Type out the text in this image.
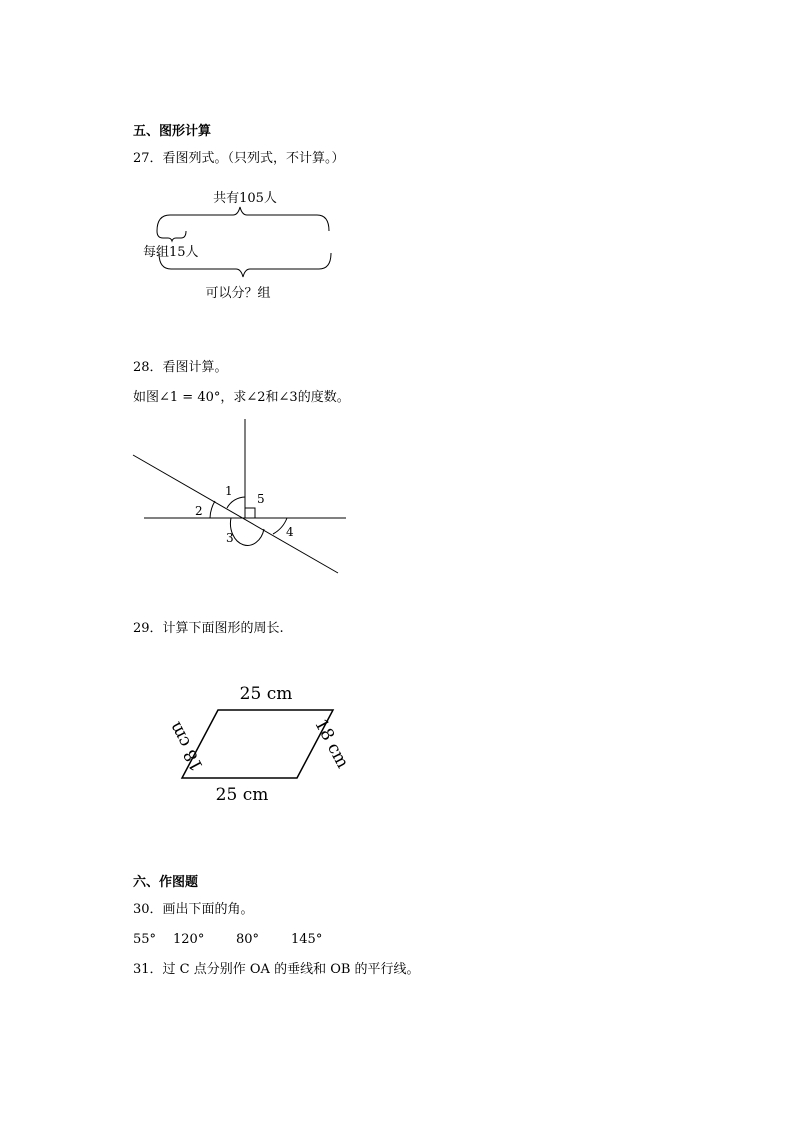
五、图形计算
27．看图列式。（只列式，不计算。）
共有105人
每组15人
可以分？组
28．看图计算。
如图∠1 = 40°，求∠2和∠3的度数。
1
2
3	4
5
29．计算下面图形的周长.
25 cm
25 cm
18 cm	18 cm
六、作图题
30．画出下面的角。
55° 120° 80° 145°
31．过 C 点分别作 OA 的垂线和 OB 的平行线。
